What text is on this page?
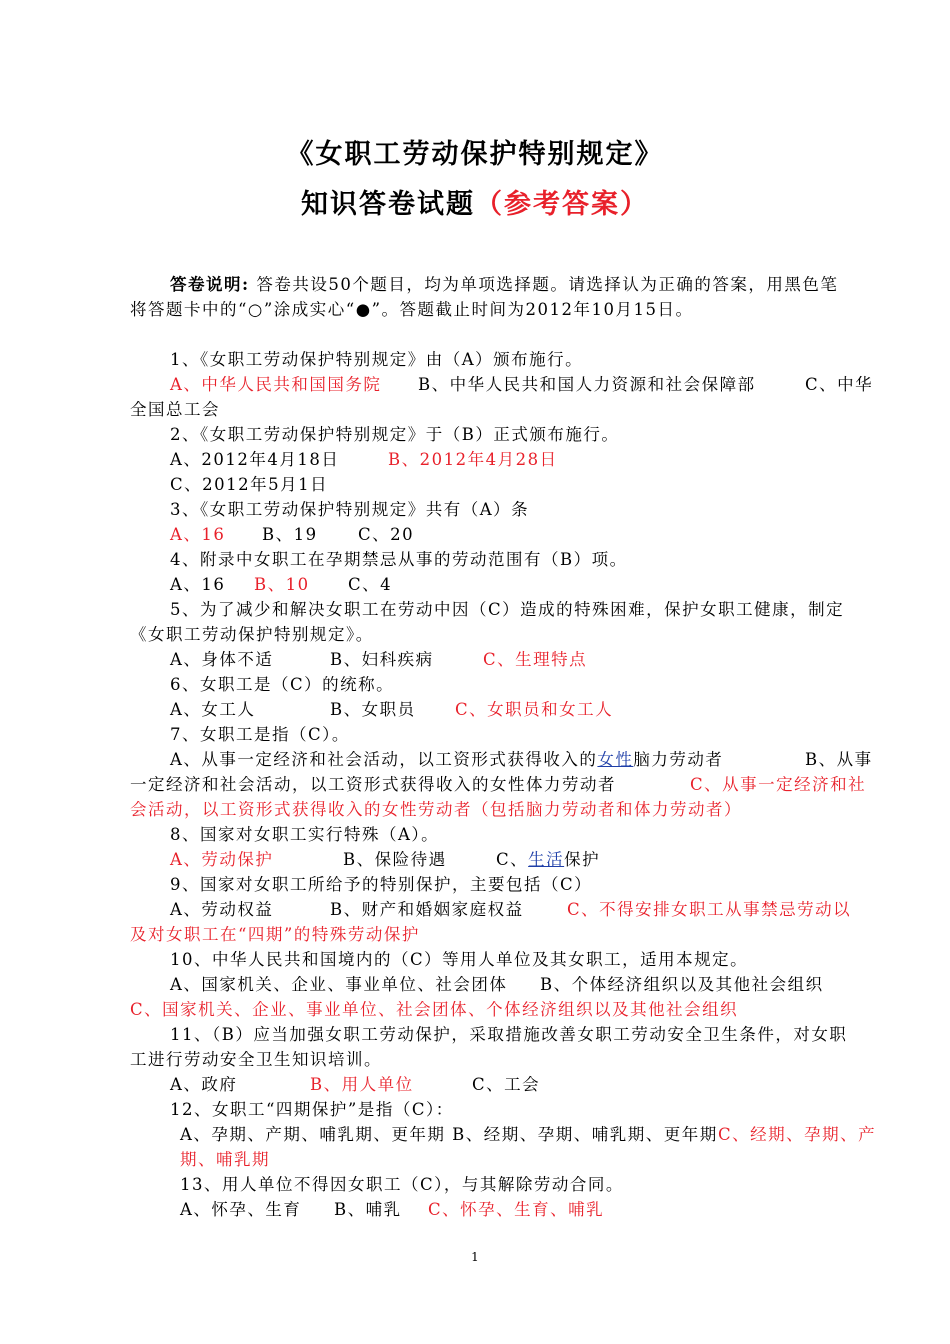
《女职工劳动保护特别规定》
知识答卷试题（参考答案）
答卷说明: 答卷共设50个题目，均为单项选择题。请选择认为正确的答案，用黑色笔
将答题卡中的“○”涂成实心“●”。答题截止时间为2012年10月15日。
1、《女职工劳动保护特别规定》由（A）颁布施行。
A、中华人民共和国国务院 B、中华人民共和国人力资源和社会保障部	C、中华
全国总工会
2、《女职工劳动保护特别规定》于（B）正式颁布施行。
A、2012年4月18日	B、2012年4月28日
C、2012年5月1日
3、《女职工劳动保护特别规定》共有（A）条
A、16 B、19 C、20
4、附录中女职工在孕期禁忌从事的劳动范围有（B）项。
A、16 B、10 C、4
5、为了减少和解决女职工在劳动中因（C）造成的特殊困难，保护女职工健康，制定
《女职工劳动保护特别规定》。
A、身体不适	B、妇科疾病	C、生理特点
6、女职工是（C）的统称。
A、女工人	B、女职员 C、女职员和女工人
7、女职工是指（C）。
A、从事一定经济和社会活动，以工资形式获得收入的女性脑力劳动者	B、从事
一定经济和社会活动，以工资形式获得收入的女性体力劳动者	C、从事一定经济和社
会活动，以工资形式获得收入的女性劳动者（包括脑力劳动者和体力劳动者）
8、国家对女职工实行特殊（A）。
A、劳动保护	B、保险待遇	C、生活保护
9、国家对女职工所给予的特别保护，主要包括（C）
A、劳动权益	B、财产和婚姻家庭权益	C、不得安排女职工从事禁忌劳动以
及对女职工在“四期”的特殊劳动保护
10、中华人民共和国境内的（C）等用人单位及其女职工，适用本规定。
A、国家机关、企业、事业单位、社会团体 B、个体经济组织以及其他社会组织
C、国家机关、企业、事业单位、社会团体、个体经济组织以及其他社会组织
11、（B）应当加强女职工劳动保护，采取措施改善女职工劳动安全卫生条件，对女职
工进行劳动安全卫生知识培训。
A、政府	B、用人单位	C、工会
12、女职工“四期保护”是指（C）：
A、孕期、产期、哺乳期、更年期 B、经期、孕期、哺乳期、更年期 C、经期、孕期、产
期、哺乳期
13、用人单位不得因女职工（C），与其解除劳动合同。
A、怀孕、生育 B、哺乳 C、怀孕、生育、哺乳
1
